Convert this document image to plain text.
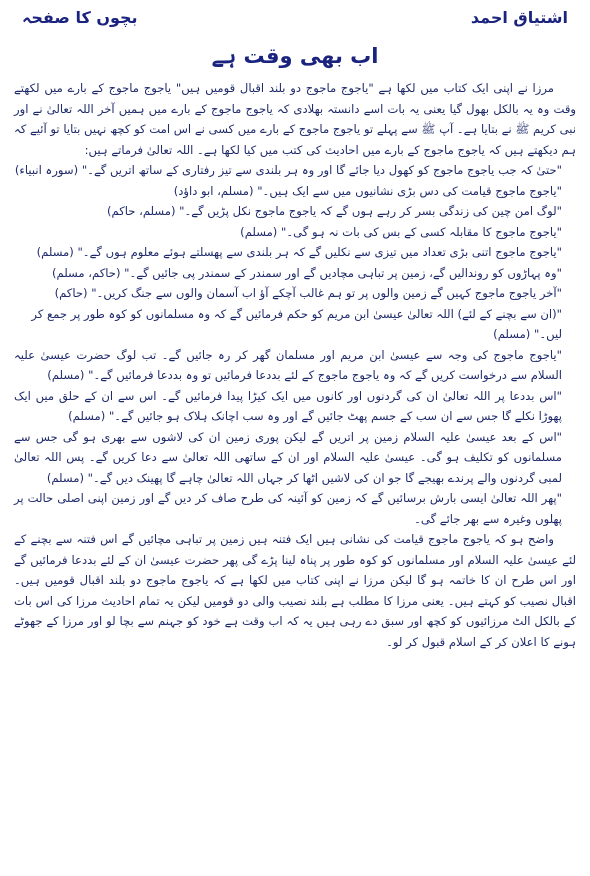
بچوں کا صفحہ	اشتیاق احمد
اب بھی وقت ہے

مرزا نے اپنی ایک کتاب میں لکھا ہے "یاجوج ماجوج دو بلند اقبال قومیں ہیں" یاجوج ماجوج کے بارے میں لکھتے وقت وہ یہ بالکل بھول گیا یعنی یہ بات اسے دانستہ بھلادی کہ یاجوج ماجوج کے بارے میں ہمیں آخر اللہ تعالیٰ نے اور نبی کریم ﷺ نے بتایا ہے۔ آپ ﷺ سے پہلے تو یاجوج ماجوج کے بارے میں کسی نے اس امت کو کچھ نہیں بتایا تو آئیے کہ ہم دیکھتے ہیں کہ یاجوج ماجوج کے بارے میں احادیث کی کتب میں کیا لکھا ہے۔ اللہ تعالیٰ فرماتے ہیں:

"حتیٰ کہ جب یاجوج ماجوج کو کھول دیا جائے گا اور وہ ہر بلندی سے تیز رفتاری کے ساتھ اتریں گے۔" (سورہ انبیاء)

"یاجوج ماجوج قیامت کی دس بڑی نشانیوں میں سے ایک ہیں۔" (مسلم، ابو داؤد)

"لوگ امن چین کی زندگی بسر کر رہے ہوں گے کہ یاجوج ماجوج نکل پڑیں گے۔" (مسلم، حاکم)

"یاجوج ماجوج کا مقابلہ کسی کے بس کی بات نہ ہو گی۔" (مسلم)

"یاجوج ماجوج اتنی بڑی تعداد میں تیزی سے نکلیں گے کہ ہر بلندی سے پھسلتے ہوئے معلوم ہوں گے۔" (مسلم)

"وہ پہاڑوں کو روندالیں گے، زمین پر تباہی مچادیں گے اور سمندر کے سمندر پی جائیں گے۔" (حاکم، مسلم)

"آخر یاجوج ماجوج کہیں گے زمین والوں پر تو ہم غالب آچکے آؤ اب آسمان والوں سے جنگ کریں۔" (حاکم)

"(ان سے بچنے کے لئے) اللہ تعالیٰ عیسیٰ ابن مریم کو حکم فرمائیں گے کہ وہ مسلمانوں کو کوہ طور پر جمع کر لیں۔" (مسلم)

"یاجوج ماجوج کی وجہ سے عیسیٰ ابن مریم اور مسلمان گھر کر رہ جائیں گے۔ تب لوگ حضرت عیسیٰ علیہ السلام سے درخواست کریں گے کہ وہ یاجوج ماجوج کے لئے بددعا فرمائیں تو وہ بددعا فرمائیں گے۔" (مسلم)

"اس بددعا پر اللہ تعالیٰ ان کی گردنوں اور کانوں میں ایک کیڑا پیدا فرمائیں گے۔ اس سے ان کے حلق میں ایک پھوڑا نکلے گا جس سے ان سب کے جسم پھٹ جائیں گے اور وہ سب اچانک ہلاک ہو جائیں گے۔" (مسلم)

"اس کے بعد عیسیٰ علیہ السلام زمین پر اتریں گے لیکن پوری زمین ان کی لاشوں سے بھری ہو گی جس سے مسلمانوں کو تکلیف ہو گی۔ عیسیٰ علیہ السلام اور ان کے ساتھی اللہ تعالیٰ سے دعا کریں گے۔ پس اللہ تعالیٰ لمبی گردنوں والے پرندے بھیجے گا جو ان کی لاشیں اٹھا کر جہاں اللہ تعالیٰ چاہے گا پھینک دیں گے۔" (مسلم)

"پھر اللہ تعالیٰ ایسی بارش برسائیں گے کہ زمین کو آئینہ کی طرح صاف کر دیں گے اور زمین اپنی اصلی حالت پر پھلوں وغیرہ سے بھر جائے گی۔

واضح ہو کہ یاجوج ماجوج قیامت کی نشانی ہیں ایک فتنہ ہیں زمین پر تباہی مچائیں گے اس فتنہ سے بچنے کے لئے عیسیٰ علیہ السلام اور مسلمانوں کو کوہ طور پر پناہ لینا پڑے گی پھر حضرت عیسیٰ ان کے لئے بددعا فرمائیں گے اور اس طرح ان کا خاتمہ ہو گا لیکن مرزا نے اپنی کتاب میں لکھا ہے کہ یاجوج ماجوج دو بلند اقبال قومیں ہیں۔ اقبال نصیب کو کہتے ہیں۔ یعنی مرزا کا مطلب ہے بلند نصیب والی دو قومیں لیکن یہ تمام احادیث مرزا کی اس بات کے بالکل الٹ مرزائیوں کو کچھ اور سبق دے رہی ہیں یہ کہ اب وقت ہے خود کو جہنم سے بچا لو اور مرزا کے جھوٹے ہونے کا اعلان کر کے اسلام قبول کر لو۔
